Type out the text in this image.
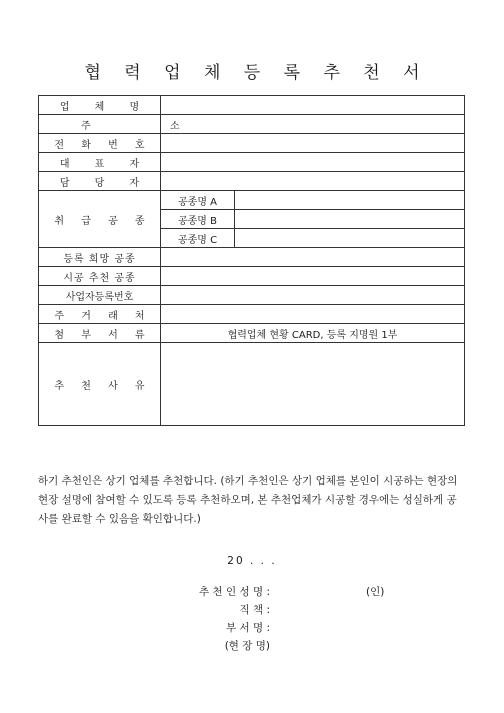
협 력 업 체 등 록 추 천 서
업 체 명		
주 소		
전 화 번 호		
대 표 자		
담 당 자		
취 급 공 종	공종명 A	
	공종명 B	
	공종명 C	
등록 희망 공종		
시공 추천 공종		
사업자등록번호		
주 거 래 처		
첨 부 서 류	협력업체 현황 CARD, 등록 지명원 1부	
추 천 사 유		
하기 추천인은 상기 업체를 추천합니다. (하기 추천인은 상기 업체를 본인이 시공하는 현장의 현장 설명에 참여할 수 있도록 등록 추천하오며, 본 추천업체가 시공할 경우에는 성실하게 공사를 완료할 수 있음을 확인합니다.)
20 . . .
추 천 인 성 명 :	(인)
직 책 :
부 서 명 :
(현 장 명)
